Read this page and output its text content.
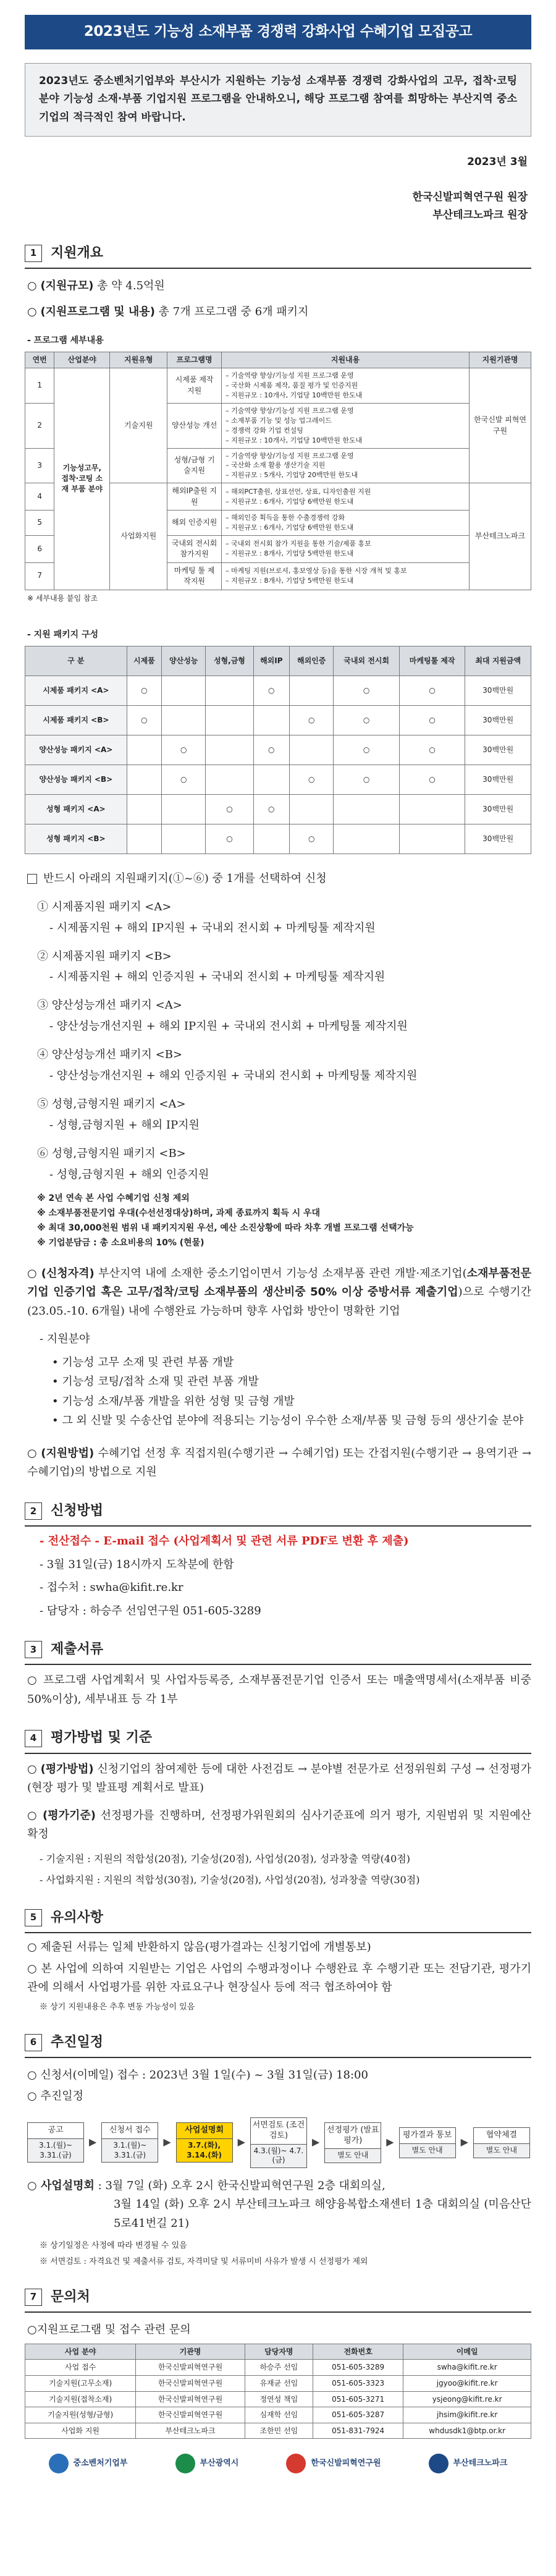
2023년도 기능성 소재부품 경쟁력 강화사업 수혜기업 모집공고
2023년도 중소벤처기업부와 부산시가 지원하는 기능성 소재부품 경쟁력 강화사업의 고무, 접착·코팅 분야 기능성 소재·부품 기업지원 프로그램을 안내하오니, 해당 프로그램 참여를 희망하는 부산지역 중소기업의 적극적인 참여 바랍니다.
2023년 3월
한국신발피혁연구원 원장
부산테크노파크 원장
1	지원개요
○ (지원규모) 총 약 4.5억원
○ (지원프로그램 및 내용) 총 7개 프로그램 중 6개 패키지
- 프로그램 세부내용
연번	산업분야	지원유형	프로그램명	지원내용	지원기관명
1	기능성고무, 접착·코팅 소재 부품 분야	기술지원	시제품 제작 지원	– 기술역량 향상/기능성 지원 프로그램 운영
– 국산화 시제품 제작, 품질 평가 및 인증지원
– 지원규모 : 10개사, 기업당 10백만원 한도내	한국신발 피혁연구원
2			양산성능 개선	– 기술역량 향상/기능성 지원 프로그램 운영
– 소재부품 기능 및 성능 업그레이드
– 경쟁력 강화 기업 컨설팅
– 지원규모 : 10개사, 기업당 10백만원 한도내	
3			성형/금형 기술지원	– 기술역량 향상/기능성 지원 프로그램 운영
– 국산화 소재 활용 생산기술 지원
– 지원규모 : 5개사, 기업당 20백만원 한도내	
4		사업화지원	해외IP출원 지원	– 해외PCT출원, 상표선언, 상표, 디자인출원 지원
– 지원규모 : 6개사, 기업당 6백만원 한도내	부산테크노파크
5			해외 인증지원	– 해외인증 획득을 통한 수출경쟁력 강화
– 지원규모 : 6개사, 기업당 6백만원 한도내	
6			국내외 전시회 참가지원	– 국내외 전시회 참가 지원을 통한 기술/제품 홍보
– 지원규모 : 8개사, 기업당 5백만원 한도내	
7			마케팅 툴 제작지원	– 마케팅 지원(브로셔, 홍보영상 등)을 통한 시장 개척 및 홍보
– 지원규모 : 8개사, 기업당 5백만원 한도내	
※ 세부내용 붙임 참조
- 지원 패키지 구성
구 분	시제품	양산성능	성형,금형	해외IP	해외인증	국내외 전시회	마케팅툴 제작	최대 지원금액
시제품 패키지 <A>	○			○		○	○	30백만원
시제품 패키지 <B>	○				○	○	○	30백만원
양산성능 패키지 <A>		○		○		○	○	30백만원
양산성능 패키지 <B>		○			○	○	○	30백만원
성형 패키지 <A>			○	○				30백만원
성형 패키지 <B>			○		○			30백만원
반드시 아래의 지원패키지(①~⑥) 중 1개를 선택하여 신청
① 시제품지원 패키지 <A>
- 시제품지원 + 해외 IP지원 + 국내외 전시회 + 마케팅툴 제작지원
② 시제품지원 패키지 <B>
- 시제품지원 + 해외 인증지원 + 국내외 전시회 + 마케팅툴 제작지원
③ 양산성능개선 패키지 <A>
- 양산성능개선지원 + 해외 IP지원 + 국내외 전시회 + 마케팅툴 제작지원
④ 양산성능개선 패키지 <B>
- 양산성능개선지원 + 해외 인증지원 + 국내외 전시회 + 마케팅툴 제작지원
⑤ 성형,금형지원 패키지 <A>
- 성형,금형지원 + 해외 IP지원
⑥ 성형,금형지원 패키지 <B>
- 성형,금형지원 + 해외 인증지원
※ 2년 연속 본 사업 수혜기업 신청 제외
※ 소재부품전문기업 우대(수선선정대상)하며, 과제 종료까지 획득 시 우대
※ 최대 30,000천원 범위 내 패키지지원 우선, 예산 소진상황에 따라 차후 개별 프로그램 선택가능
※ 기업분담금 : 총 소요비용의 10% (현물)
○ (신청자격) 부산지역 내에 소재한 중소기업이면서 기능성 소재부품 관련 개발·제조기업(소재부품전문기업 인증기업 혹은 고무/접착/코팅 소재부품의 생산비중 50% 이상 중방서류 제출기업)으로 수행기간(23.05.-10. 6개월) 내에 수행완료 가능하며 향후 사업화 방안이 명확한 기업
- 지원분야
• 기능성 고무 소재 및 관련 부품 개발
• 기능성 코팅/접착 소재 및 관련 부품 개발
• 기능성 소재/부품 개발을 위한 성형 및 금형 개발
• 그 외 신발 및 수송산업 분야에 적용되는 기능성이 우수한 소재/부품 및 금형 등의 생산기술 분야
○ (지원방법) 수혜기업 선정 후 직접지원(수행기관 → 수혜기업) 또는 간접지원(수행기관 → 용역기관 → 수혜기업)의 방법으로 지원
2	신청방법
- 전산접수 - E-mail 접수 (사업계획서 및 관련 서류 PDF로 변환 후 제출)
- 3월 31일(금) 18시까지 도착분에 한함
- 접수처 : swha@kifit.re.kr
- 담당자 : 하승주 선임연구원 051-605-3289
3	제출서류
○ 프로그램 사업계획서 및 사업자등록증, 소재부품전문기업 인증서 또는 매출액명세서(소재부품 비중 50%이상), 세부내표 등 각 1부
4	평가방법 및 기준
○ (평가방법) 신청기업의 참여제한 등에 대한 사전검토 → 분야별 전문가로 선정위원회 구성 → 선정평가(현장 평가 및 발표평 계획서로 발표)
○ (평가기준) 선정평가를 진행하며, 선정평가위원회의 심사기준표에 의거 평가, 지원범위 및 지원예산 확정
- 기술지원 : 지원의 적합성(20점), 기술성(20점), 사업성(20점), 성과창출 역량(40점)
- 사업화지원 : 지원의 적합성(30점), 기술성(20점), 사업성(20점), 성과창출 역량(30점)
5	유의사항
○ 제출된 서류는 일체 반환하지 않음(평가결과는 신청기업에 개별통보)
○ 본 사업에 의하여 지원받는 기업은 사업의 수행과정이나 수행완료 후 수행기관 또는 전담기관, 평가기관에 의해서 사업평가를 위한 자료요구나 현장실사 등에 적극 협조하여야 함
※ 상기 지원내용은 추후 변동 가능성이 있음
6	추진일정
○ 신청서(이메일) 접수 : 2023년 3월 1일(수) ~ 3월 31일(금) 18:00
○ 추진일정
공고
3.1.(월)~ 3.31.(금)
▶
신청서 접수
3.1.(월)~ 3.31.(금)
▶
사업설명회
3.7.(화), 3.14.(화)
▶
서면검토 (조건검토)
4.3.(월)~ 4.7.(금)
▶
선정평가 (발표평가)
별도 안내
▶
평가결과 통보
별도 안내
▶
협약체결
별도 안내
○ 사업설명회 : 3월 7일 (화) 오후 2시 한국신발피혁연구원 2층 대회의실,
3월 14일 (화) 오후 2시 부산테크노파크 해양융복합소재센터 1층 대회의실 (미음산단5로41번길 21)
※ 상기일정은 사정에 따라 변경될 수 있음
※ 서면검토 : 자격요건 및 제출서류 검토, 자격미달 및 서류미비 사유가 발생 시 선정평가 제외
7	문의처
○지원프로그램 및 접수 관련 문의
사업 분야	기관명	담당자명	전화번호	이메일
사업 접수	한국신발피혁연구원	하승주 선임	051-605-3289	swha@kifit.re.kr
기술지원(고무소재)	한국신발피혁연구원	유재균 선임	051-605-3323	jgyoo@kifit.re.kr
기술지원(접착소재)	한국신발피혁연구원	정연성 책임	051-605-3271	ysjeong@kifit.re.kr
기술지원(성형/금형)	한국신발피혁연구원	심재학 선임	051-605-3287	jhsim@kifit.re.kr
사업화 지원	부산테크노파크	조한민 선임	051-831-7924	whdusdk1@btp.or.kr
중소벤처기업부	부산광역시	한국신발피혁연구원	부산테크노파크
